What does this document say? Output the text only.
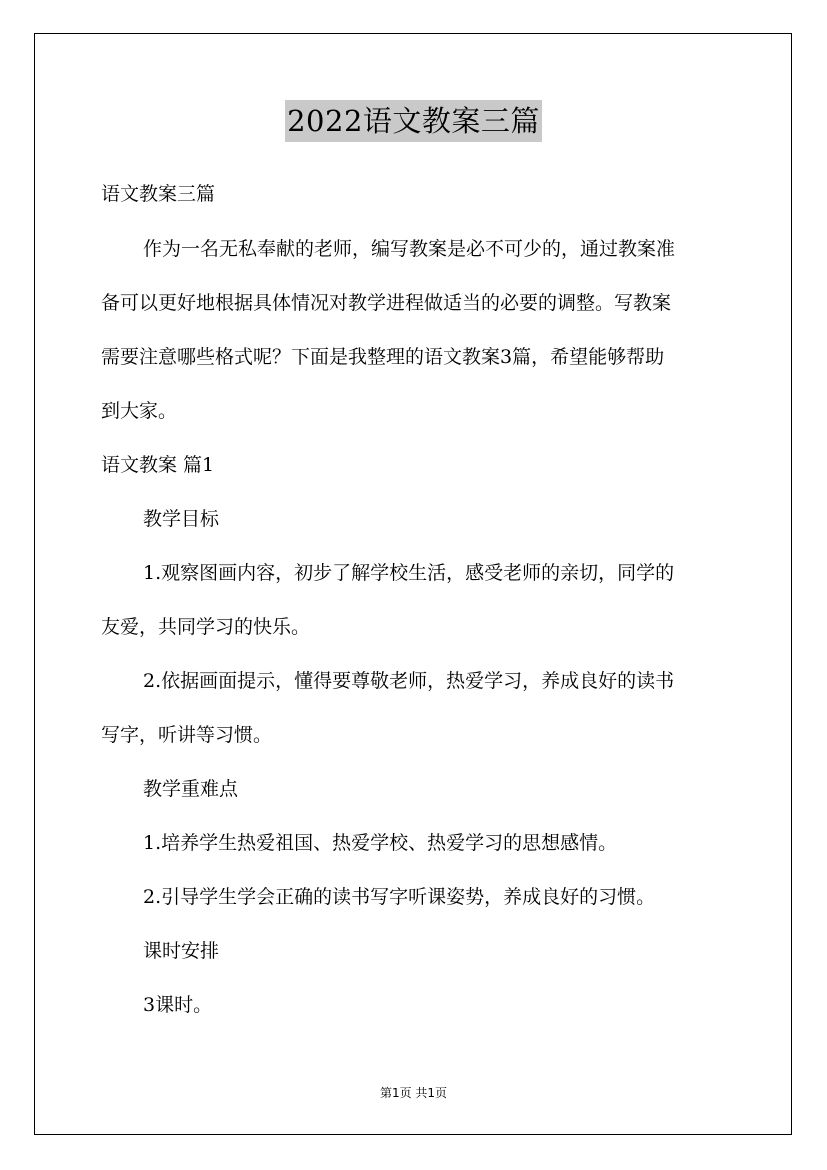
2022语文教案三篇
语文教案三篇
作为一名无私奉献的老师，编写教案是必不可少的，通过教案准
备可以更好地根据具体情况对教学进程做适当的必要的调整。写教案
需要注意哪些格式呢？下面是我整理的语文教案3篇，希望能够帮助
到大家。
语文教案 篇1
教学目标
1.观察图画内容，初步了解学校生活，感受老师的亲切，同学的
友爱，共同学习的快乐。
2.依据画面提示，懂得要尊敬老师，热爱学习，养成良好的读书
写字，听讲等习惯。
教学重难点
1.培养学生热爱祖国、热爱学校、热爱学习的思想感情。
2.引导学生学会正确的读书写字听课姿势，养成良好的习惯。
课时安排
3课时。
第1页 共1页
